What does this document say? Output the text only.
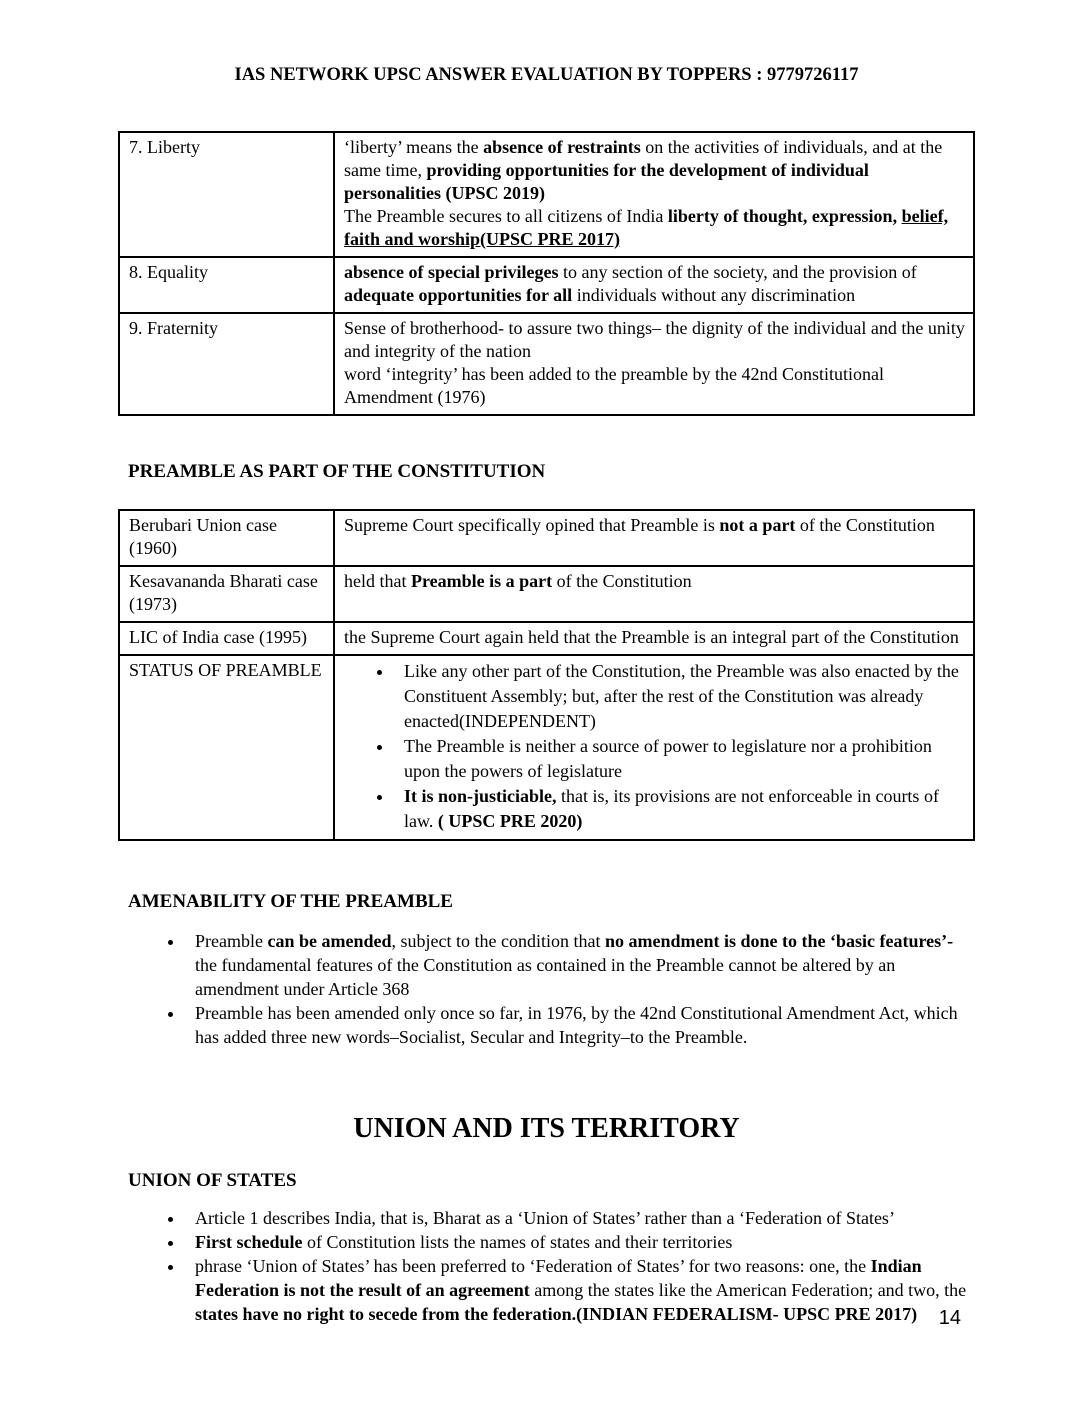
IAS NETWORK UPSC ANSWER EVALUATION BY TOPPERS : 9779726117
7. Liberty	‘liberty’ means the absence of restraints on the activities of individuals, and at the same time, providing opportunities for the development of individual personalities (UPSC 2019)
The Preamble secures to all citizens of India liberty of thought, expression, belief, faith and worship(UPSC PRE 2017)

8. Equality	absence of special privileges to any section of the society, and the provision of adequate opportunities for all individuals without any discrimination

9. Fraternity	Sense of brotherhood- to assure two things– the dignity of the individual and the unity and integrity of the nation
word ‘integrity’ has been added to the preamble by the 42nd Constitutional Amendment (1976)
PREAMBLE AS PART OF THE CONSTITUTION
Berubari Union case (1960)	Supreme Court specifically opined that Preamble is not a part of the Constitution

Kesavananda Bharati case (1973)	held that Preamble is a part of the Constitution

LIC of India case (1995)	the Supreme Court again held that the Preamble is an integral part of the Constitution

STATUS OF PREAMBLE	
•Like any other part of the Constitution, the Preamble was also enacted by the Constituent Assembly; but, after the rest of the Constitution was already enacted(INDEPENDENT)
• The Preamble is neither a source of power to legislature nor a prohibition upon the powers of legislature
• It is non-justiciable, that is, its provisions are not enforceable in courts of law. ( UPSC PRE 2020)
AMENABILITY OF THE PREAMBLE
• Preamble can be amended, subject to the condition that no amendment is done to the ‘basic features’- the fundamental features of the Constitution as contained in the Preamble cannot be altered by an amendment under Article 368
• Preamble has been amended only once so far, in 1976, by the 42nd Constitutional Amendment Act, which has added three new words–Socialist, Secular and Integrity–to the Preamble.
UNION AND ITS TERRITORY
UNION OF STATES
• Article 1 describes India, that is, Bharat as a ‘Union of States’ rather than a ‘Federation of States’
• First schedule of Constitution lists the names of states and their territories
• phrase ‘Union of States’ has been preferred to ‘Federation of States’ for two reasons: one, the Indian Federation is not the result of an agreement among the states like the American Federation; and two, the states have no right to secede from the federation.(INDIAN FEDERALISM- UPSC PRE 2017)	14
